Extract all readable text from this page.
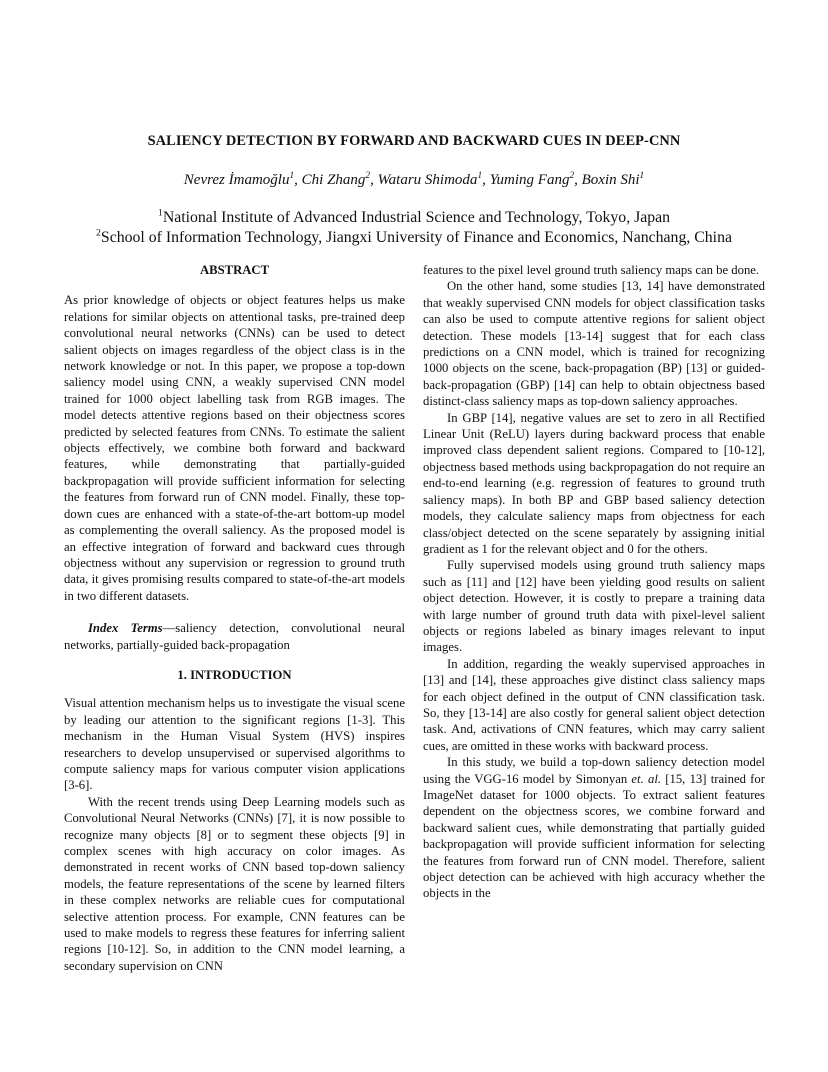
SALIENCY DETECTION BY FORWARD AND BACKWARD CUES IN DEEP-CNN
Nevrez İmamoğlu$^1$, Chi Zhang$^2$, Wataru Shimoda$^1$, Yuming Fang$^2$, Boxin Shi$^1$
$^1$National Institute of Advanced Industrial Science and Technology, Tokyo, Japan
$^2$School of Information Technology, Jiangxi University of Finance and Economics, Nanchang, China
ABSTRACT

As prior knowledge of objects or object features helps us make relations for similar objects on attentional tasks, pre-trained deep convolutional neural networks (CNNs) can be used to detect salient objects on images regardless of the object class is in the network knowledge or not. In this paper, we propose a top-down saliency model using CNN, a weakly supervised CNN model trained for 1000 object labelling task from RGB images. The model detects attentive regions based on their objectness scores predicted by selected features from CNNs. To estimate the salient objects effectively, we combine both forward and backward features, while demonstrating that partially-guided backpropagation will provide sufficient information for selecting the features from forward run of CNN model. Finally, these top-down cues are enhanced with a state-of-the-art bottom-up model as complementing the overall saliency. As the proposed model is an effective integration of forward and backward cues through objectness without any supervision or regression to ground truth data, it gives promising results compared to state-of-the-art models in two different datasets.

Index Terms—saliency detection, convolutional neural networks, partially-guided back-propagation

1. INTRODUCTION

Visual attention mechanism helps us to investigate the visual scene by leading our attention to the significant regions [1-3]. This mechanism in the Human Visual System (HVS) inspires researchers to develop unsupervised or supervised algorithms to compute saliency maps for various computer vision applications [3-6].

With the recent trends using Deep Learning models such as Convolutional Neural Networks (CNNs) [7], it is now possible to recognize many objects [8] or to segment these objects [9] in complex scenes with high accuracy on color images. As demonstrated in recent works of CNN based top-down saliency models, the feature representations of the scene by learned filters in these complex networks are reliable cues for computational selective attention process. For example, CNN features can be used to make models to regress these features for inferring salient regions [10-12]. So, in addition to the CNN model learning, a secondary supervision on CNN

features to the pixel level ground truth saliency maps can be done.

On the other hand, some studies [13, 14] have demonstrated that weakly supervised CNN models for object classification tasks can also be used to compute attentive regions for salient object detection. These models [13-14] suggest that for each class predictions on a CNN model, which is trained for recognizing 1000 objects on the scene, back-propagation (BP) [13] or guided-back-propagation (GBP) [14] can help to obtain objectness based distinct-class saliency maps as top-down saliency approaches.

In GBP [14], negative values are set to zero in all Rectified Linear Unit (ReLU) layers during backward process that enable improved class dependent salient regions. Compared to [10-12], objectness based methods using backpropagation do not require an end-to-end learning (e.g. regression of features to ground truth saliency maps). In both BP and GBP based saliency detection models, they calculate saliency maps from objectness for each class/object detected on the scene separately by assigning initial gradient as 1 for the relevant object and 0 for the others.

Fully supervised models using ground truth saliency maps such as [11] and [12] have been yielding good results on salient object detection. However, it is costly to prepare a training data with large number of ground truth data with pixel-level salient objects or regions labeled as binary images relevant to input images.

In addition, regarding the weakly supervised approaches in [13] and [14], these approaches give distinct class saliency maps for each object defined in the output of CNN classification task. So, they [13-14] are also costly for general salient object detection task. And, activations of CNN features, which may carry salient cues, are omitted in these works with backward process.

In this study, we build a top-down saliency detection model using the VGG-16 model by Simonyan et. al. [15, 13] trained for ImageNet dataset for 1000 objects. To extract salient features dependent on the objectness scores, we combine forward and backward salient cues, while demonstrating that partially guided backpropagation will provide sufficient information for selecting the features from forward run of CNN model. Therefore, salient object detection can be achieved with high accuracy whether the objects in the
